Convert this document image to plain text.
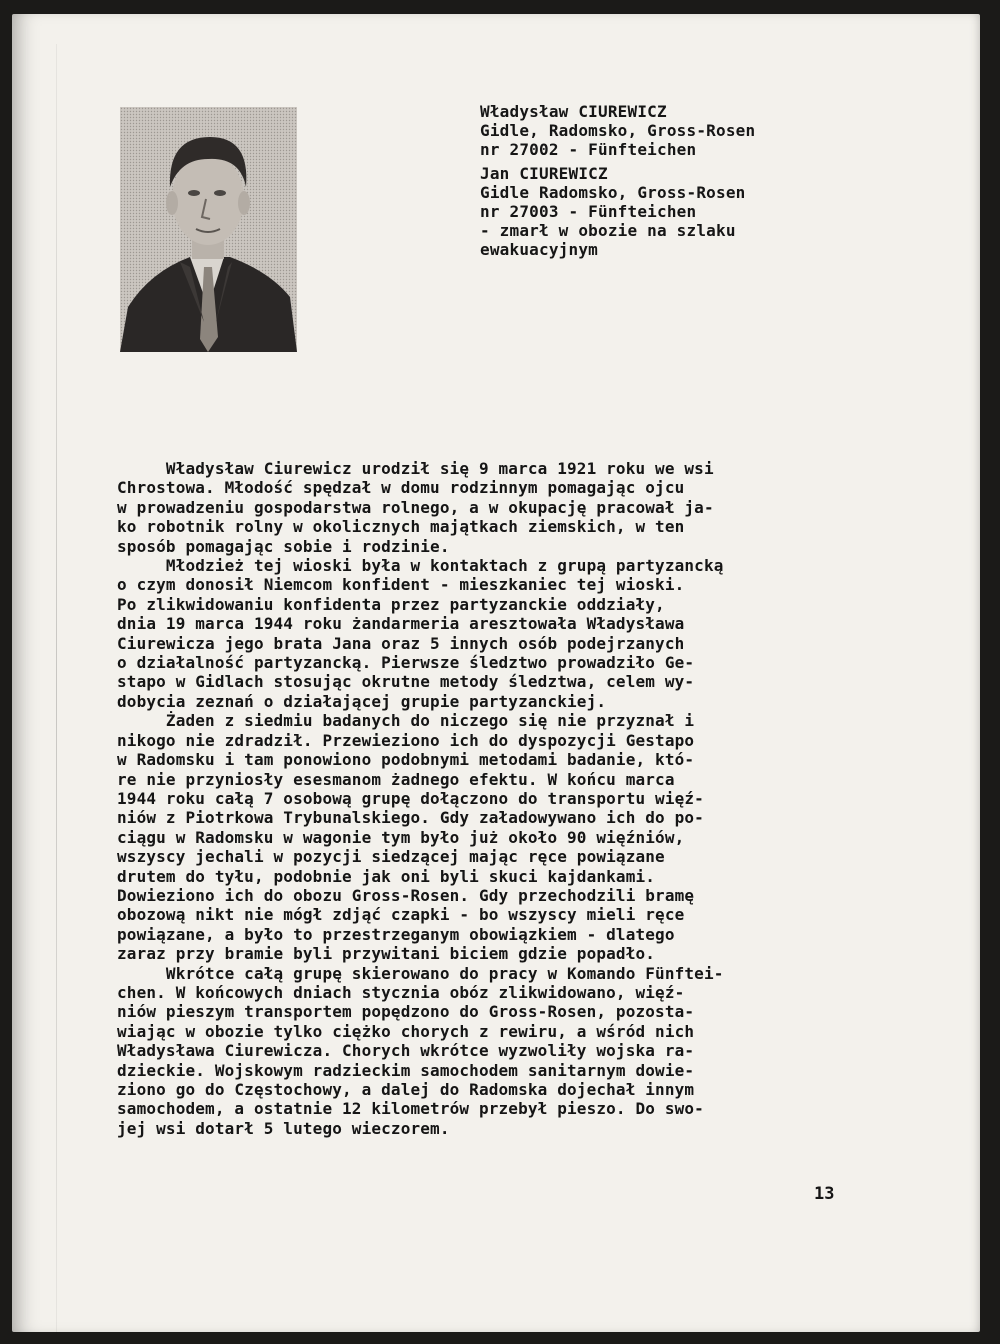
Władysław CIUREWICZ
Gidle, Radomsko, Gross-Rosen
nr 27002 - Fünfteichen
Jan CIUREWICZ
Gidle Radomsko, Gross-Rosen
nr 27003 - Fünfteichen
- zmarł w obozie na szlaku
ewakuacyjnym
Władysław Ciurewicz urodził się 9 marca 1921 roku we wsi
Chrostowa. Młodość spędzał w domu rodzinnym pomagając ojcu
w prowadzeniu gospodarstwa rolnego, a w okupację pracował ja-
ko robotnik rolny w okolicznych majątkach ziemskich, w ten
sposób pomagając sobie i rodzinie.
Młodzież tej wioski była w kontaktach z grupą partyzancką
o czym donosił Niemcom konfident - mieszkaniec tej wioski.
Po zlikwidowaniu konfidenta przez partyzanckie oddziały,
dnia 19 marca 1944 roku żandarmeria aresztowała Władysława
Ciurewicza jego brata Jana oraz 5 innych osób podejrzanych
o działalność partyzancką. Pierwsze śledztwo prowadziło Ge-
stapo w Gidlach stosując okrutne metody śledztwa, celem wy-
dobycia zeznań o działającej grupie partyzanckiej.
Żaden z siedmiu badanych do niczego się nie przyznał i
nikogo nie zdradził. Przewieziono ich do dyspozycji Gestapo
w Radomsku i tam ponowiono podobnymi metodami badanie, któ-
re nie przyniosły esesmanom żadnego efektu. W końcu marca
1944 roku całą 7 osobową grupę dołączono do transportu więź-
niów z Piotrkowa Trybunalskiego. Gdy załadowywano ich do po-
ciągu w Radomsku w wagonie tym było już około 90 więźniów,
wszyscy jechali w pozycji siedzącej mając ręce powiązane
drutem do tyłu, podobnie jak oni byli skuci kajdankami.
Dowieziono ich do obozu Gross-Rosen. Gdy przechodzili bramę
obozową nikt nie mógł zdjąć czapki - bo wszyscy mieli ręce
powiązane, a było to przestrzeganym obowiązkiem - dlatego
zaraz przy bramie byli przywitani biciem gdzie popadło.
Wkrótce całą grupę skierowano do pracy w Komando Fünftei-
chen. W końcowych dniach stycznia obóz zlikwidowano, więź-
niów pieszym transportem popędzono do Gross-Rosen, pozosta-
wiając w obozie tylko ciężko chorych z rewiru, a wśród nich
Władysława Ciurewicza. Chorych wkrótce wyzwoliły wojska ra-
dzieckie. Wojskowym radzieckim samochodem sanitarnym dowie-
ziono go do Częstochowy, a dalej do Radomska dojechał innym
samochodem, a ostatnie 12 kilometrów przebył pieszo. Do swo-
jej wsi dotarł 5 lutego wieczorem.
13
